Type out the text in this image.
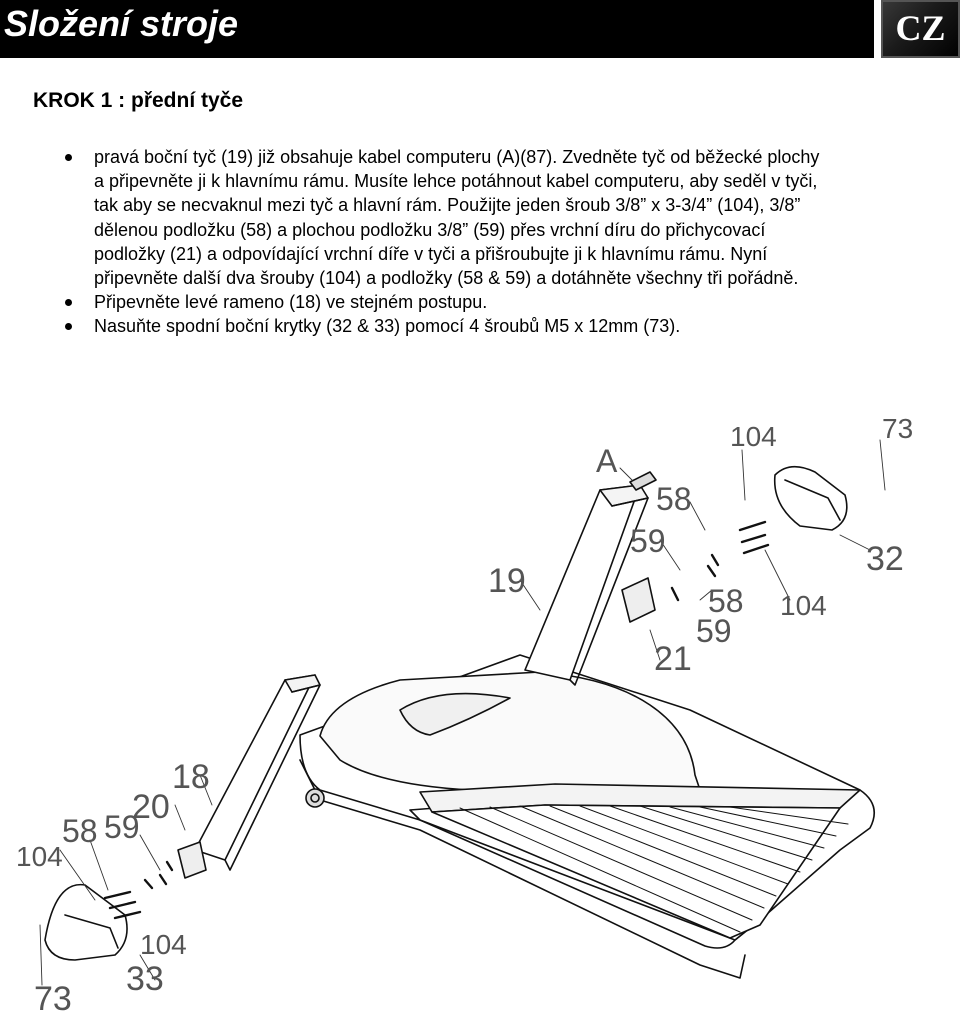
Složení stroje	CZ
KROK 1 : přední tyče
pravá boční tyč (19) již obsahuje kabel computeru (A)(87). Zvedněte tyč od běžecké plochy a připevněte ji k hlavnímu rámu. Musíte lehce potáhnout kabel computeru, aby seděl v tyči, tak aby se necvaknul mezi tyč a hlavní rám. Použijte jeden šroub 3/8” x 3-3/4” (104), 3/8” dělenou podložku (58) a plochou podložku 3/8” (59) přes vrchní díru do přichycovací podložky (21) a odpovídající vrchní díře v tyči a přišroubujte ji k hlavnímu rámu. Nyní připevněte další dva šrouby (104) a podložky (58 & 59) a dotáhněte všechny tři pořádně.
Připevněte levé rameno (18) ve stejném postupu.
Nasuňte spodní boční krytky (32 & 33) pomocí 4 šroubů M5 x 12mm (73).
104	73
A
58
59
19
32
58 104
59
21
18
20
104
58 59
104
33
73
